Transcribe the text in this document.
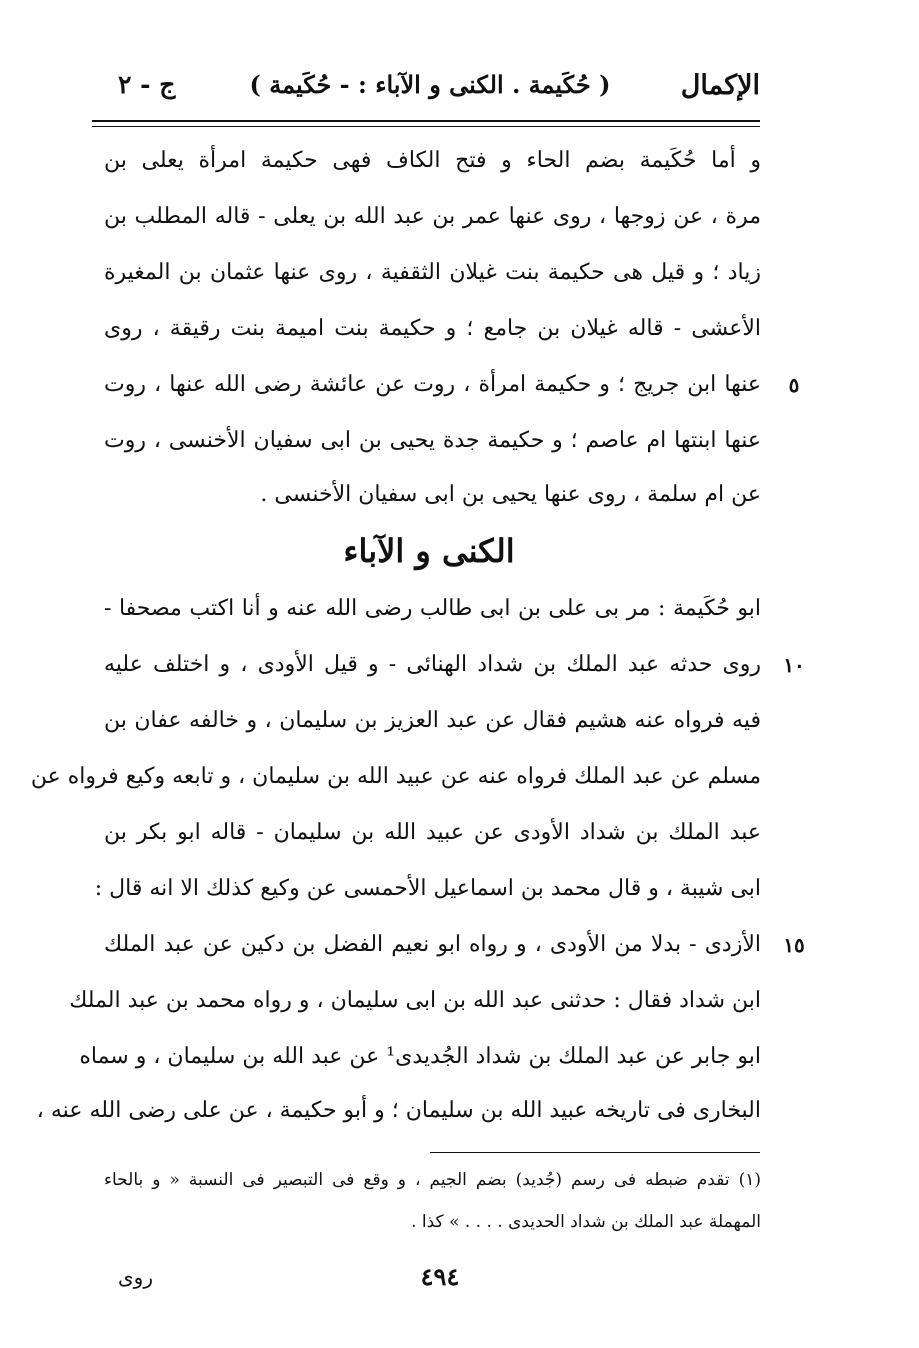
الإكمال
( حُكَيمة . الكنى و الآباء : - حُكَيمة )
ج - ٢
و أما حُكَيمة بضم الحاء و فتح الكاف فهى حكيمة امرأة يعلى بن
مرة ، عن زوجها ، روى عنها عمر بن عبد الله بن يعلى - قاله المطلب بن
زياد ؛ و قيل هى حكيمة بنت غيلان الثقفية ، روى عنها عثمان بن المغيرة
الأعشى - قاله غيلان بن جامع ؛ و حكيمة بنت اميمة بنت رقيقة ، روى
٥
عنها ابن جريج ؛ و حكيمة امرأة ، روت عن عائشة رضى الله عنها ، روت
عنها ابنتها ام عاصم ؛ و حكيمة جدة يحيى بن ابى سفيان الأخنسى ، روت
عن ام سلمة ، روى عنها يحيى بن ابى سفيان الأخنسى .
الكنى و الآباء
ابو حُكَيمة : مر بى على بن ابى طالب رضى الله عنه و أنا اكتب مصحفا -
١٠
روى حدثه عبد الملك بن شداد الهنائى - و قيل الأودى ، و اختلف عليه
فيه فرواه عنه هشيم فقال عن عبد العزيز بن سليمان ، و خالفه عفان بن
مسلم عن عبد الملك فرواه عنه عن عبيد الله بن سليمان ، و تابعه وكيع فرواه عن
عبد الملك بن شداد الأودى عن عبيد الله بن سليمان - قاله ابو بكر بن
ابى شيبة ، و قال محمد بن اسماعيل الأحمسى عن وكيع كذلك الا انه قال :
١٥
الأزدى - بدلا من الأودى ، و رواه ابو نعيم الفضل بن دكين عن عبد الملك
ابن شداد فقال : حدثنى عبد الله بن ابى سليمان ، و رواه محمد بن عبد الملك
ابو جابر عن عبد الملك بن شداد الجُديدى¹ عن عبد الله بن سليمان ، و سماه
البخارى فى تاريخه عبيد الله بن سليمان ؛ و أبو حكيمة ، عن على رضى الله عنه ،
(١) تقدم ضبطه فى رسم (جُديد) بضم الجيم ، و وقع فى التبصير فى النسبة « و بالحاء
المهملة عبد الملك بن شداد الحديدى . . . . » كذا .
٤٩٤
روى
